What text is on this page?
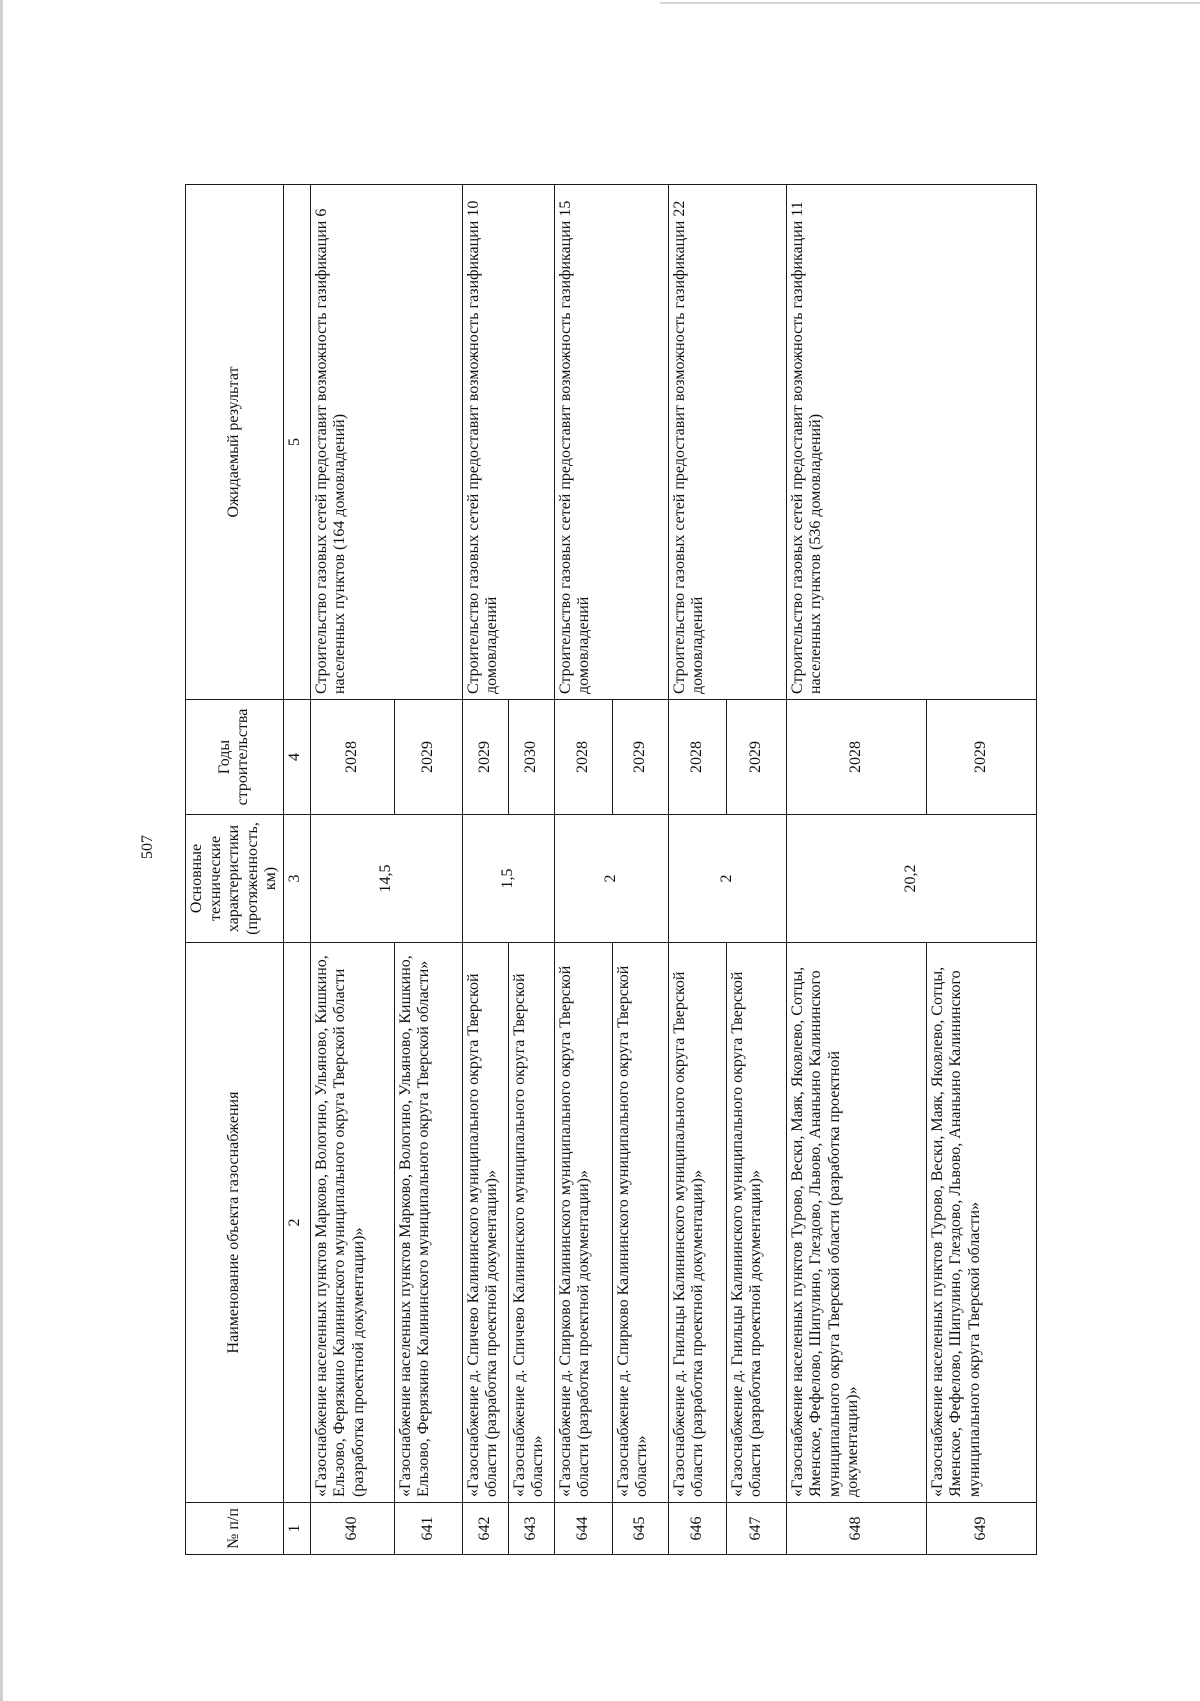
507
№ п/п	Наименование объекта газоснабжения	Основные технические характеристики (протяженность, км)	Годы строительства	Ожидаемый результат
1	2	3	4	5
640	«Газоснабжение населенных пунктов Марково, Вологино, Ульяново, Кишкино, Ельзово, Ферязкино Калининского муниципального округа Тверской области (разработка проектной документации)»	14,5	2028	Строительство газовых сетей предоставит возможность газификации 6 населенных пунктов (164 домовладений)
641	«Газоснабжение населенных пунктов Марково, Вологино, Ульяново, Кишкино, Ельзово, Ферязкино Калининского муниципального округа Тверской области»		2029	
642	«Газоснабжение д. Спичево Калининского муниципального округа Тверской области (разработка проектной документации)»	1,5	2029	Строительство газовых сетей предоставит возможность газификации 10 домовладений
643	«Газоснабжение д. Спичево Калининского муниципального округа Тверской области»		2030	
644	«Газоснабжение д. Спирково Калининского муниципального округа Тверской области (разработка проектной документации)»	2	2028	Строительство газовых сетей предоставит возможность газификации 15 домовладений
645	«Газоснабжение д. Спирково Калининского муниципального округа Тверской области»		2029	
646	«Газоснабжение д. Гнильцы Калининского муниципального округа Тверской области (разработка проектной документации)»	2	2028	Строительство газовых сетей предоставит возможность газификации 22 домовладений
647	«Газоснабжение д. Гнильцы Калининского муниципального округа Тверской области (разработка проектной документации)»		2029	
648	«Газоснабжение населенных пунктов Турово, Вески, Маяк, Яковлево, Сотцы, Яменское, Фефелово, Шипулино, Глездово, Львово, Ананьино Калининского муниципального округа Тверской области (разработка проектной документации)»	20,2	2028	Строительство газовых сетей предоставит возможность газификации 11 населенных пунктов (536 домовладений)
649	«Газоснабжение населенных пунктов Турово, Вески, Маяк, Яковлево, Сотцы, Яменское, Фефелово, Шипулино, Глездово, Львово, Ананьино Калининского муниципального округа Тверской области»		2029	
